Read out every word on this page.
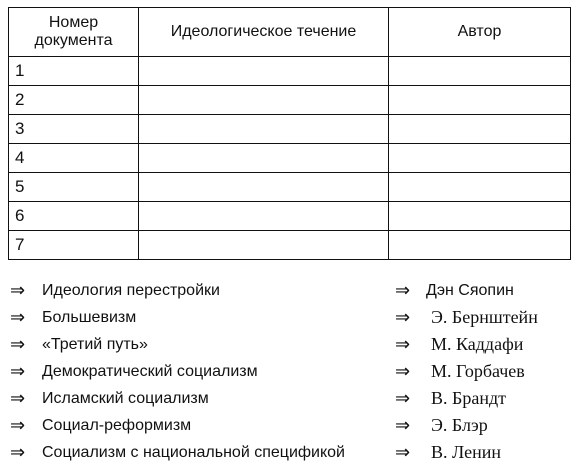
Номер
документа	Идеологическое течение	Автор
1		
2		
3		
4		
5		
6		
7		
⇒ Идеология перестройки	⇒ Дэн Сяопин
⇒ Большевизм	⇒ Э. Бернштейн
⇒ «Третий путь»	⇒ М. Каддафи
⇒ Демократический социализм	⇒ М. Горбачев
⇒ Исламский социализм	⇒ В. Брандт
⇒ Социал-реформизм	⇒ Э. Блэр
⇒ Социализм с национальной спецификой	⇒ В. Ленин
